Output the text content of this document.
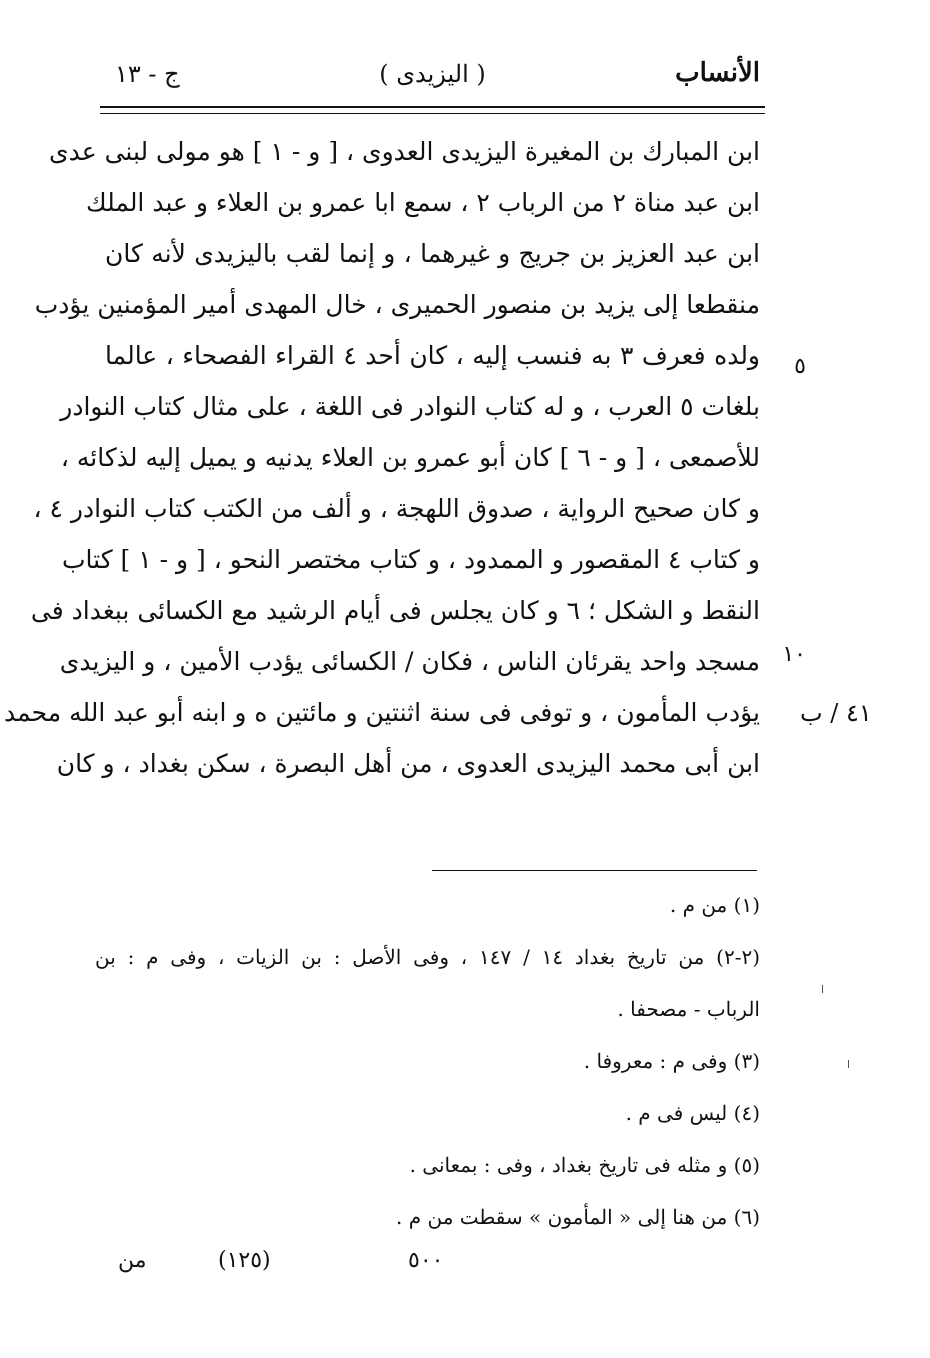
الأنساب
( اليزيدى )
ج - ١٣
ابن المبارك بن المغيرة اليزيدى العدوى ، [ و - ١ ] هو مولى لبنى عدى
ابن عبد مناة ٢ من الرباب ٢ ، سمع ابا عمرو بن العلاء و عبد الملك
ابن عبد العزيز بن جريج و غيرهما ، و إنما لقب باليزيدى لأنه كان
منقطعا إلى يزيد بن منصور الحميرى ، خال المهدى أمير المؤمنين يؤدب
ولده فعرف ٣ به فنسب إليه ، كان أحد ٤ القراء الفصحاء ، عالما
بلغات ٥ العرب ، و له كتاب النوادر فى اللغة ، على مثال كتاب النوادر
للأصمعى ، [ و - ٦ ] كان أبو عمرو بن العلاء يدنيه و يميل إليه لذكائه ،
و كان صحيح الرواية ، صدوق اللهجة ، و ألف من الكتب كتاب النوادر ٤ ،
و كتاب ٤ المقصور و الممدود ، و كتاب مختصر النحو ، [ و - ١ ] كتاب
النقط و الشكل ؛ ٦ و كان يجلس فى أيام الرشيد مع الكسائى ببغداد فى
مسجد واحد يقرئان الناس ، فكان / الكسائى يؤدب الأمين ، و اليزيدى
يؤدب المأمون ، و توفى فى سنة اثنتين و مائتين ه و ابنه أبو عبد الله محمد
ابن أبى محمد اليزيدى العدوى ، من أهل البصرة ، سكن بغداد ، و كان
٥
١٠
٤١ / ب
(١) من م .
(٢-٢) من تاريخ بغداد ١٤ / ١٤٧ ، وفى الأصل : بن الزيات ، وفى م : بن
الرباب - مصحفا .
(٣) وفى م : معروفا .
(٤) ليس فى م .
(٥) و مثله فى تاريخ بغداد ، وفى : بمعانى .
(٦) من هنا إلى « المأمون » سقطت من م .
من	(١٢٥)	٥٠٠
